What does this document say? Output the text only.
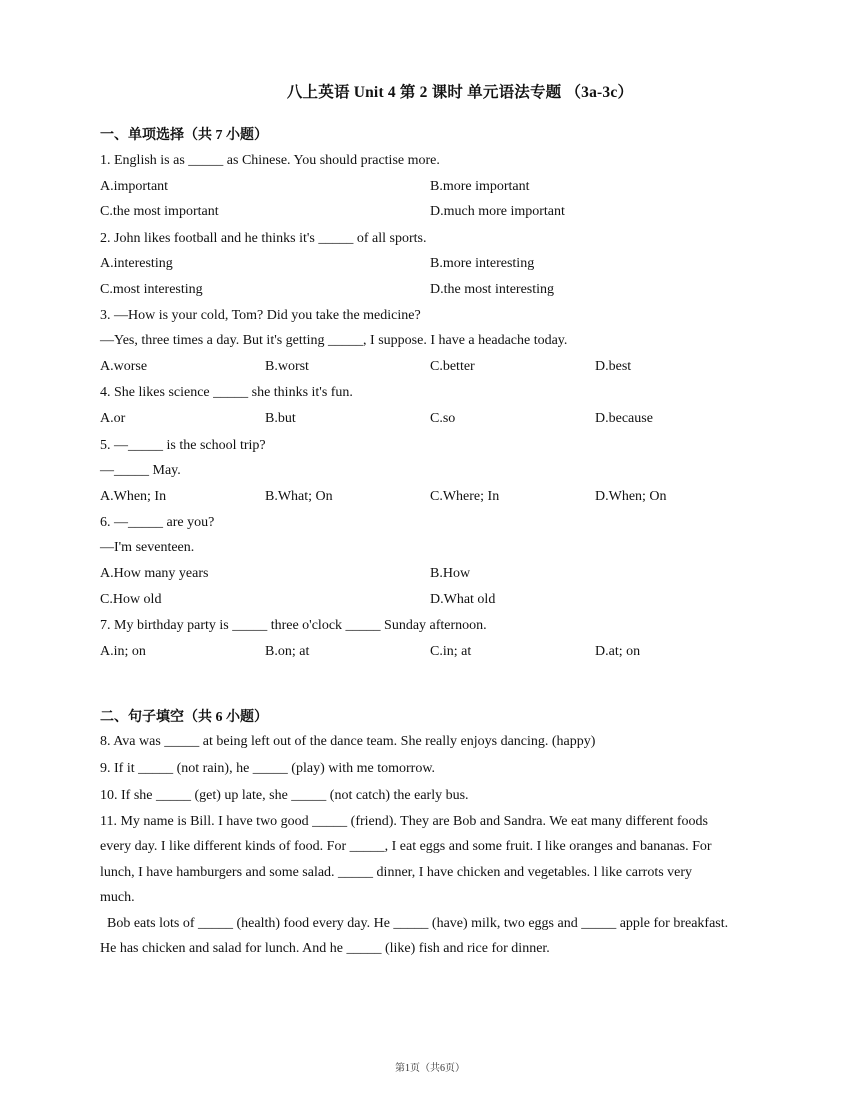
八上英语 Unit 4 第 2 课时 单元语法专题 （3a-3c）
一、单项选择（共 7 小题）
1. English is as _____ as Chinese. You should practise more.
A.important	B.more important
C.the most important	D.much more important
2. John likes football and he thinks it's _____ of all sports.
A.interesting	B.more interesting
C.most interesting	D.the most interesting
3. —How is your cold, Tom? Did you take the medicine?
—Yes, three times a day. But it's getting _____, I suppose. I have a headache today.
A.worse	B.worst	C.better	D.best
4. She likes science _____ she thinks it's fun.
A.or	B.but	C.so	D.because
5. —_____ is the school trip?
—_____ May.
A.When; In	B.What; On	C.Where; In	D.When; On
6. —_____ are you?
—I'm seventeen.
A.How many years	B.How
C.How old	D.What old
7. My birthday party is _____ three o'clock _____ Sunday afternoon.
A.in; on	B.on; at	C.in; at	D.at; on
二、句子填空（共 6 小题）
8. Ava was _____ at being left out of the dance team. She really enjoys dancing. (happy)
9. If it _____ (not rain), he _____ (play) with me tomorrow.
10. If she _____ (get) up late, she _____ (not catch) the early bus.
11. My name is Bill. I have two good _____ (friend). They are Bob and Sandra. We eat many different foods
every day. I like different kinds of food. For _____, I eat eggs and some fruit. I like oranges and bananas. For
lunch, I have hamburgers and some salad. _____ dinner, I have chicken and vegetables. l like carrots very
much.
Bob eats lots of _____ (health) food every day. He _____ (have) milk, two eggs and _____ apple for breakfast.
He has chicken and salad for lunch. And he _____ (like) fish and rice for dinner.
第1页（共6页）
